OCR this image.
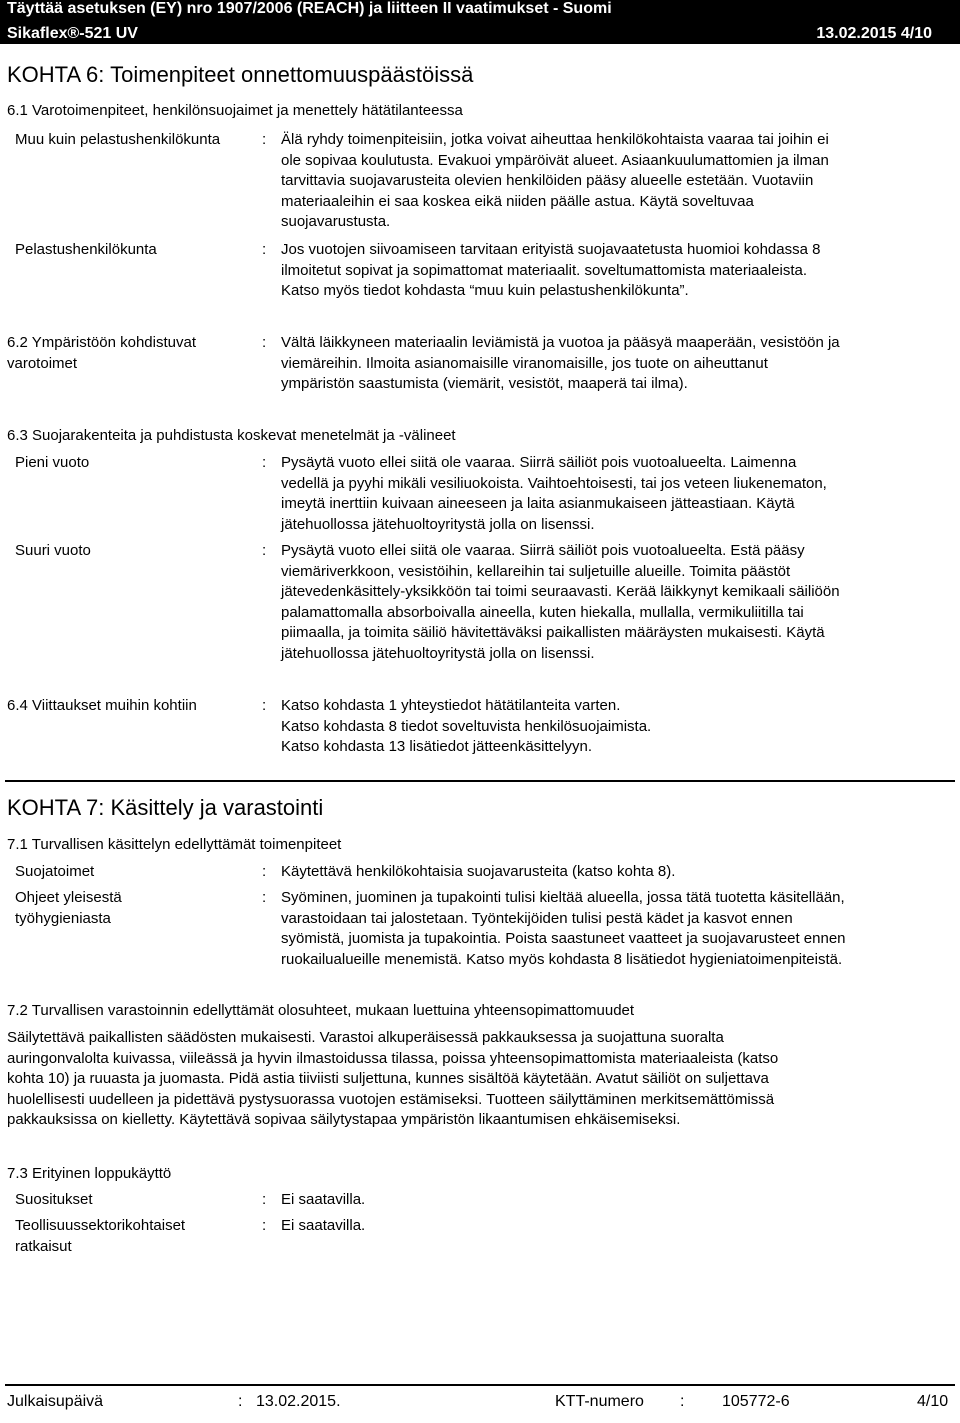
Täyttää asetuksen (EY) nro 1907/2006 (REACH) ja liitteen II vaatimukset - Suomi
Sikaflex®-521 UV	13.02.2015 4/10
KOHTA 6: Toimenpiteet onnettomuuspäästöissä
6.1 Varotoimenpiteet, henkilönsuojaimet ja menettely hätätilanteessa
Muu kuin pelastushenkilökunta	: Älä ryhdy toimenpiteisiin, jotka voivat aiheuttaa henkilökohtaista vaaraa tai joihin ei
ole sopivaa koulutusta. Evakuoi ympäröivät alueet. Asiaankuulumattomien ja ilman
tarvittavia suojavarusteita olevien henkilöiden pääsy alueelle estetään. Vuotaviin
materiaaleihin ei saa koskea eikä niiden päälle astua. Käytä soveltuvaa
suojavarustusta.
Pelastushenkilökunta	: Jos vuotojen siivoamiseen tarvitaan erityistä suojavaatetusta huomioi kohdassa 8
ilmoitetut sopivat ja sopimattomat materiaalit. soveltumattomista materiaaleista.
Katso myös tiedot kohdasta “muu kuin pelastushenkilökunta”.
6.2 Ympäristöön kohdistuvat varotoimet
: Vältä läikkyneen materiaalin leviämistä ja vuotoa ja pääsyä maaperään, vesistöön ja
viemäreihin. Ilmoita asianomaisille viranomaisille, jos tuote on aiheuttanut
ympäristön saastumista (viemärit, vesistöt, maaperä tai ilma).
6.3 Suojarakenteita ja puhdistusta koskevat menetelmät ja -välineet
Pieni vuoto	: Pysäytä vuoto ellei siitä ole vaaraa. Siirrä säiliöt pois vuotoalueelta. Laimenna
vedellä ja pyyhi mikäli vesiliuokoista. Vaihtoehtoisesti, tai jos veteen liukenematon,
imeytä inerttiin kuivaan aineeseen ja laita asianmukaiseen jätteastiaan. Käytä
jätehuollossa jätehuoltoyritystä jolla on lisenssi.
Suuri vuoto	: Pysäytä vuoto ellei siitä ole vaaraa. Siirrä säiliöt pois vuotoalueelta. Estä pääsy
viemäriverkkoon, vesistöihin, kellareihin tai suljetuille alueille. Toimita päästöt
jätevedenkäsittely-yksikköön tai toimi seuraavasti. Kerää läikkynyt kemikaali säiliöön
palamattomalla absorboivalla aineella, kuten hiekalla, mullalla, vermikuliitilla tai
piimaalla, ja toimita säiliö hävitettäväksi paikallisten määräysten mukaisesti. Käytä
jätehuollossa jätehuoltoyritystä jolla on lisenssi.
6.4 Viittaukset muihin kohtiin	: Katso kohdasta 1 yhteystiedot hätätilanteita varten.
Katso kohdasta 8 tiedot soveltuvista henkilösuojaimista.
Katso kohdasta 13 lisätiedot jätteenkäsittelyyn.
KOHTA 7: Käsittely ja varastointi
7.1 Turvallisen käsittelyn edellyttämät toimenpiteet
Suojatoimet	: Käytettävä henkilökohtaisia suojavarusteita (katso kohta 8).
Ohjeet yleisestä työhygieniasta
: Syöminen, juominen ja tupakointi tulisi kieltää alueella, jossa tätä tuotetta käsitellään,
varastoidaan tai jalostetaan. Työntekijöiden tulisi pestä kädet ja kasvot ennen
syömistä, juomista ja tupakointia. Poista saastuneet vaatteet ja suojavarusteet ennen
ruokailualueille menemistä. Katso myös kohdasta 8 lisätiedot hygieniatoimenpiteistä.
7.2 Turvallisen varastoinnin edellyttämät olosuhteet, mukaan luettuina yhteensopimattomuudet
Säilytettävä paikallisten säädösten mukaisesti. Varastoi alkuperäisessä pakkauksessa ja suojattuna suoralta
auringonvalolta kuivassa, viileässä ja hyvin ilmastoidussa tilassa, poissa yhteensopimattomista materiaaleista (katso
kohta 10) ja ruuasta ja juomasta. Pidä astia tiiviisti suljettuna, kunnes sisältöä käytetään. Avatut säiliöt on suljettava
huolellisesti uudelleen ja pidettävä pystysuorassa vuotojen estämiseksi. Tuotteen säilyttäminen merkitsemättömissä
pakkauksissa on kielletty. Käytettävä sopivaa säilytystapaa ympäristön likaantumisen ehkäisemiseksi.
7.3 Erityinen loppukäyttö
Suositukset	: Ei saatavilla.
Teollisuussektorikohtaiset ratkaisut
: Ei saatavilla.
Julkaisupäivä	: 13.02.2015.	KTT-numero : 105772-6	4/10
